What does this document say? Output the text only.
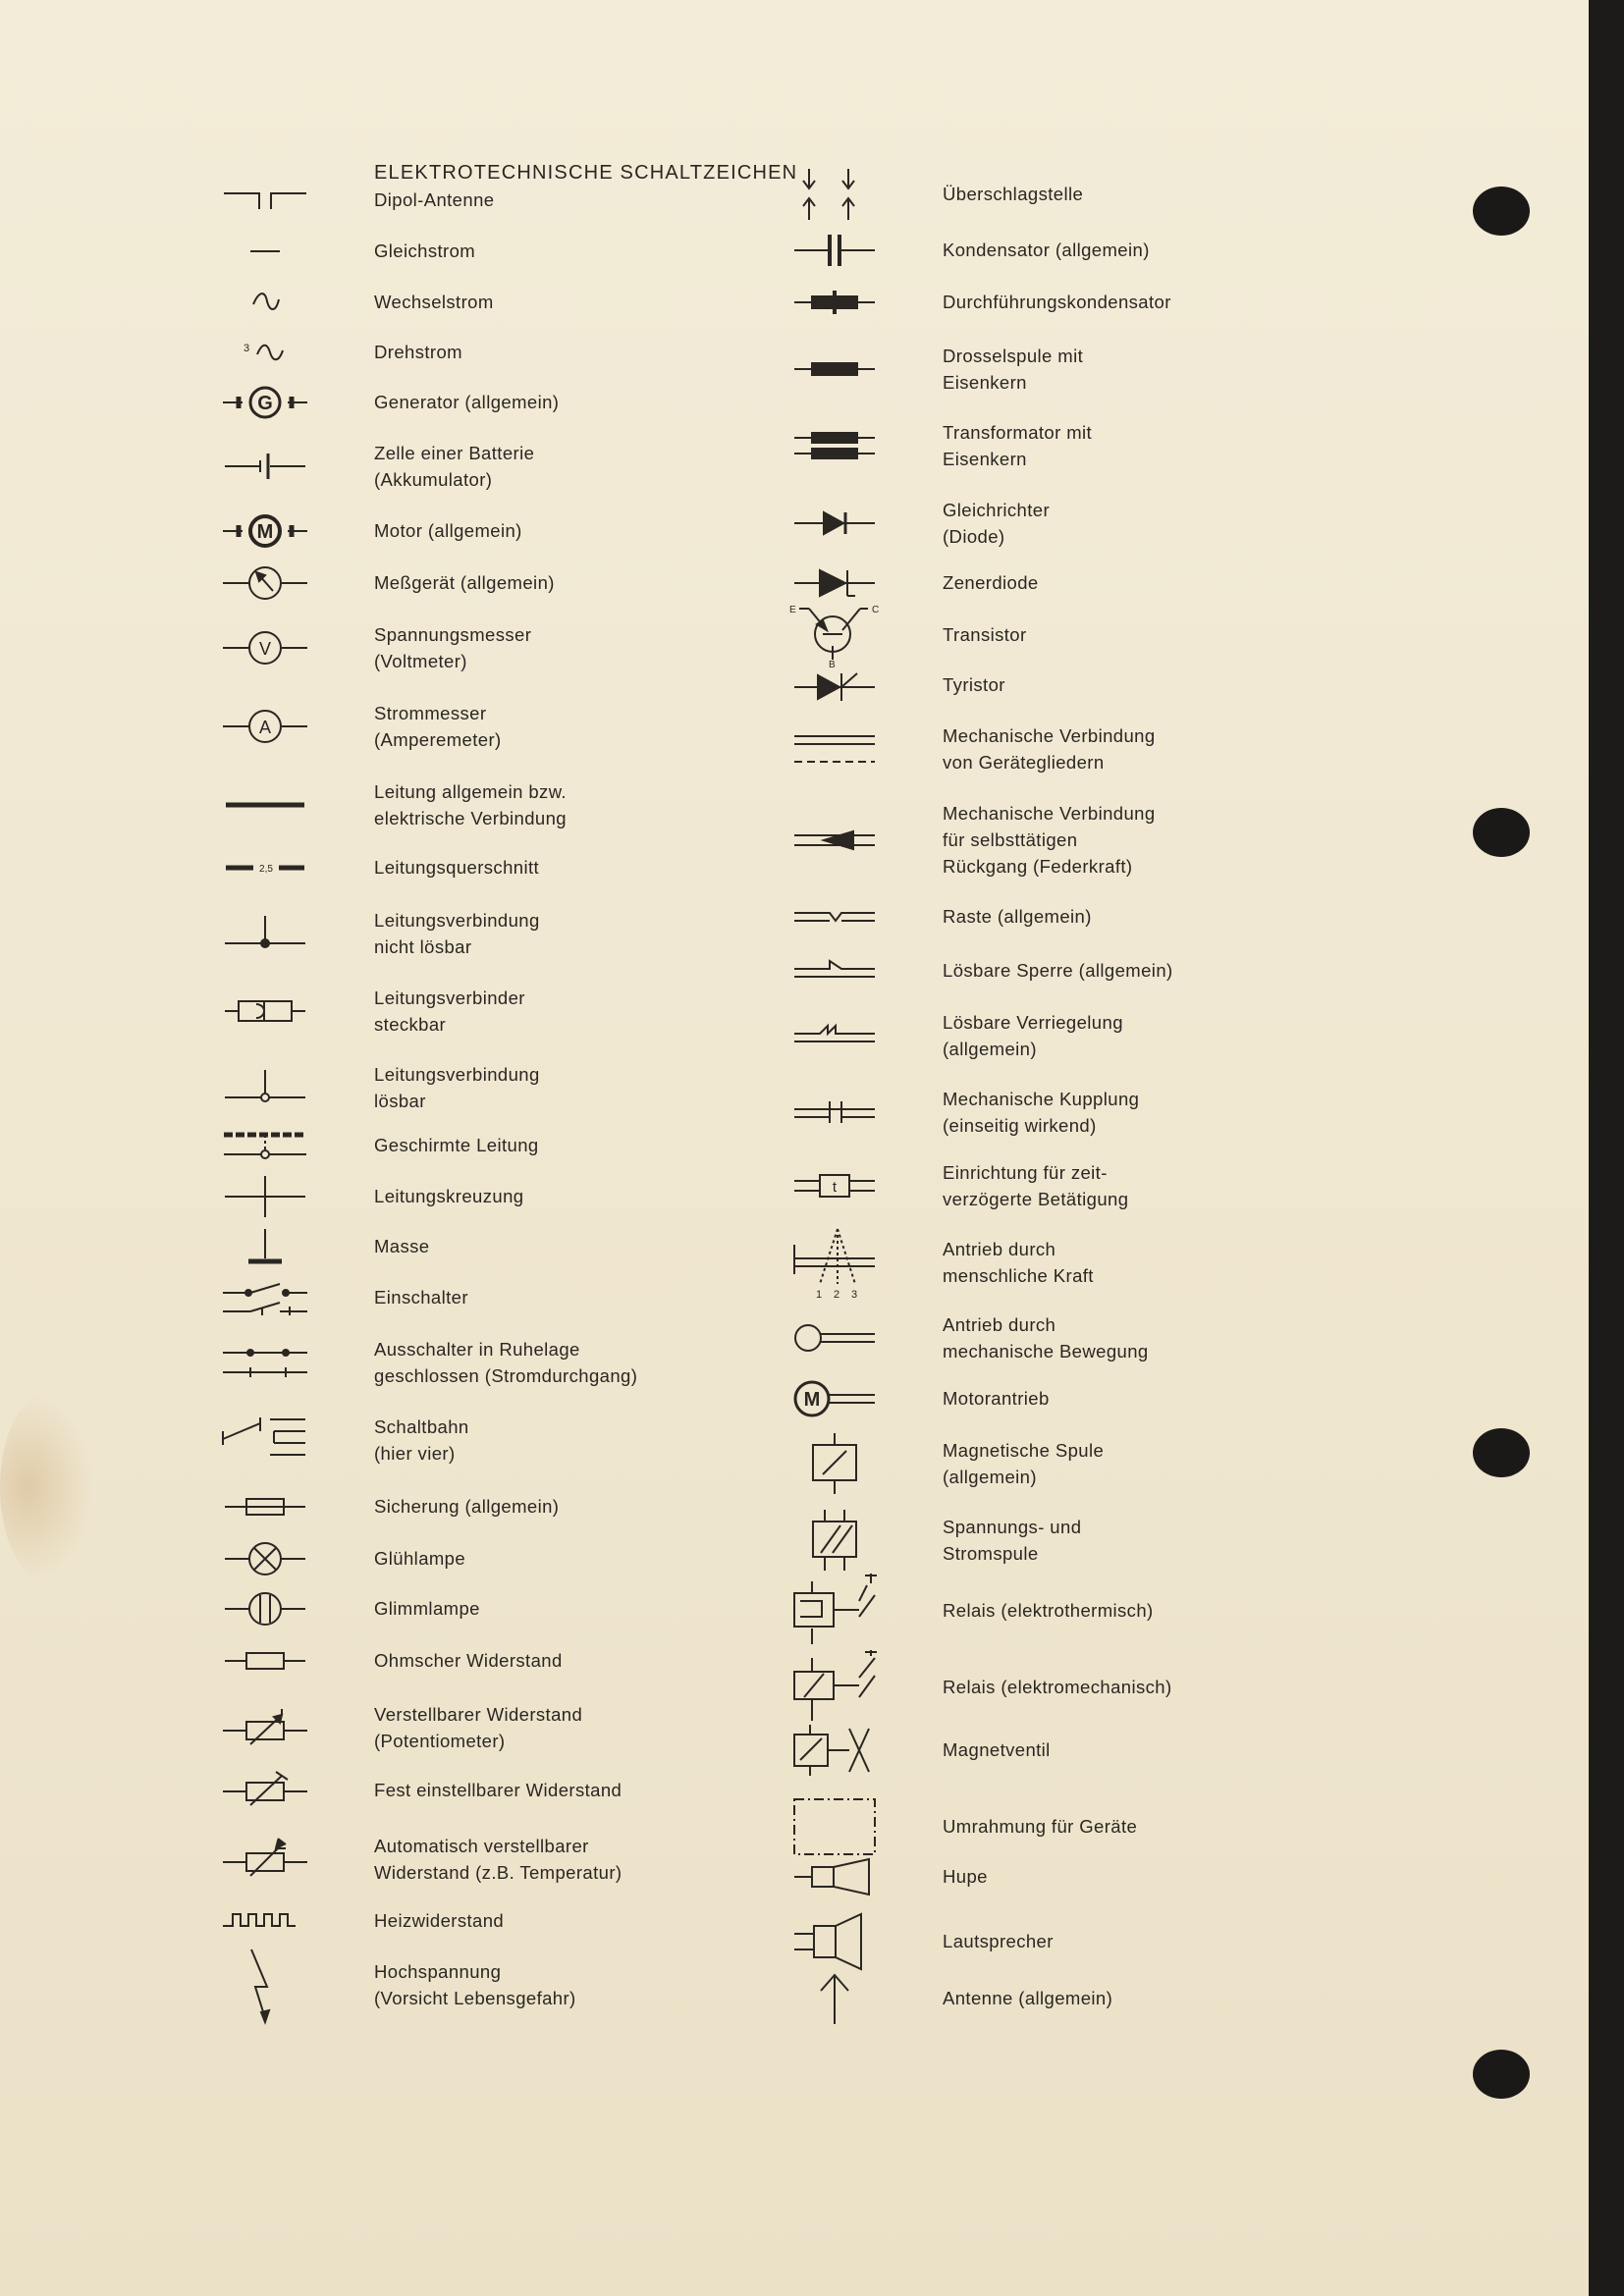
ELEKTROTECHNISCHE SCHALTZEICHEN
Dipol-Antenne
Gleichstrom
Wechselstrom
Drehstrom
3
Generator (allgemein)
G
Zelle einer Batterie
(Akkumulator)
Motor (allgemein)
M
Meßgerät (allgemein)
Spannungsmesser
(Voltmeter)
V
Strommesser
(Amperemeter)
A
Leitung allgemein bzw.
elektrische Verbindung
Leitungsquerschnitt
2,5
Leitungsverbindung
nicht lösbar
Leitungsverbinder
steckbar
Leitungsverbindung
lösbar
Geschirmte Leitung
Leitungskreuzung
Masse
Einschalter
Ausschalter in Ruhelage
geschlossen (Stromdurchgang)
Schaltbahn
(hier vier)
Sicherung (allgemein)
Glühlampe
Glimmlampe
Ohmscher Widerstand
Verstellbarer Widerstand
(Potentiometer)
Fest einstellbarer Widerstand
Automatisch verstellbarer
Widerstand (z.B. Temperatur)
Heizwiderstand
Hochspannung
(Vorsicht Lebensgefahr)
Überschlagstelle
Kondensator (allgemein)
Durchführungskondensator
Drosselspule mit
Eisenkern
Transformator mit
Eisenkern
Gleichrichter
(Diode)
Zenerdiode
Transistor
E	C
B
Tyristor
Mechanische Verbindung
von Gerätegliedern
Mechanische Verbindung
für selbsttätigen
Rückgang (Federkraft)
Raste (allgemein)
Lösbare Sperre (allgemein)
Lösbare Verriegelung
(allgemein)
Mechanische Kupplung
(einseitig wirkend)
Einrichtung für zeit-
verzögerte Betätigung
t
Antrieb durch
menschliche Kraft
1 2 3
Antrieb durch
mechanische Bewegung
Motorantrieb
M
Magnetische Spule
(allgemein)
Spannungs- und
Stromspule
Relais (elektrothermisch)
Relais (elektromechanisch)
Magnetventil
Umrahmung für Geräte
Hupe
Lautsprecher
Antenne (allgemein)
